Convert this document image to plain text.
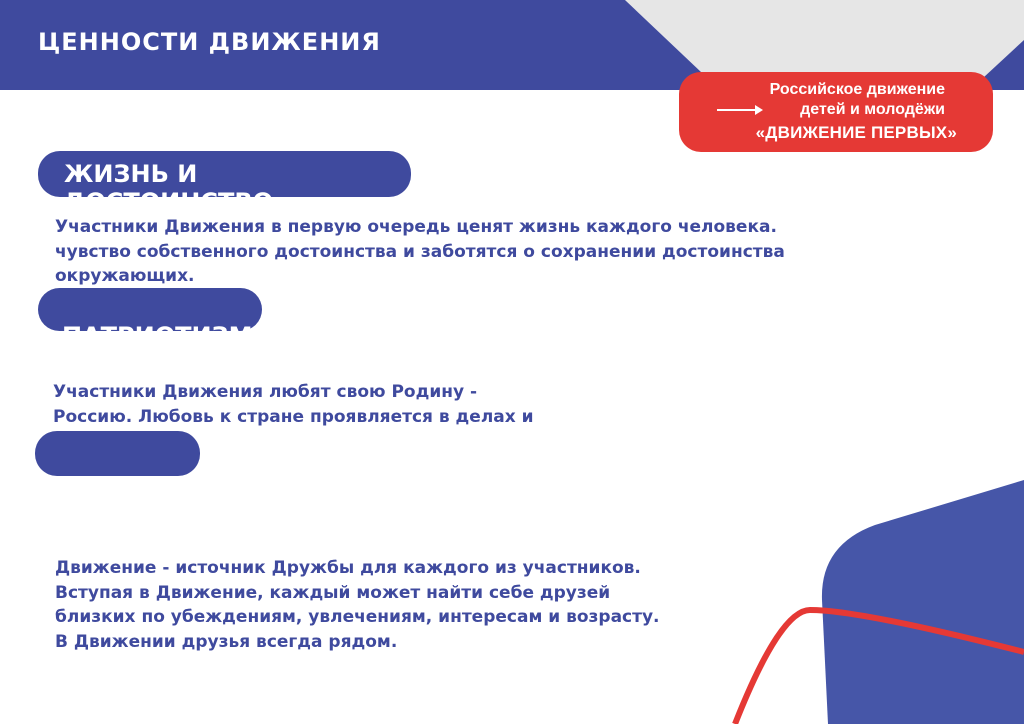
ЦЕННОСТИ ДВИЖЕНИЯ
Российское движение
детей и молодёжи
«ДВИЖЕНИЕ ПЕРВЫХ»
ЖИЗНЬ И ДОСТОИНСТВО
Участники Движения в первую очередь ценят жизнь каждого человека.
чувство собственного достоинства и заботятся о сохранении достоинства
окружающих.
ПАТРИОТИЗМ
Участники Движения любят свою Родину -
Россию. Любовь к стране проявляется в делах и
Движение - источник Дружбы для каждого из участников.
Вступая в Движение, каждый может найти себе друзей
близких по убеждениям, увлечениям, интересам и возрасту.
В Движении друзья всегда рядом.
